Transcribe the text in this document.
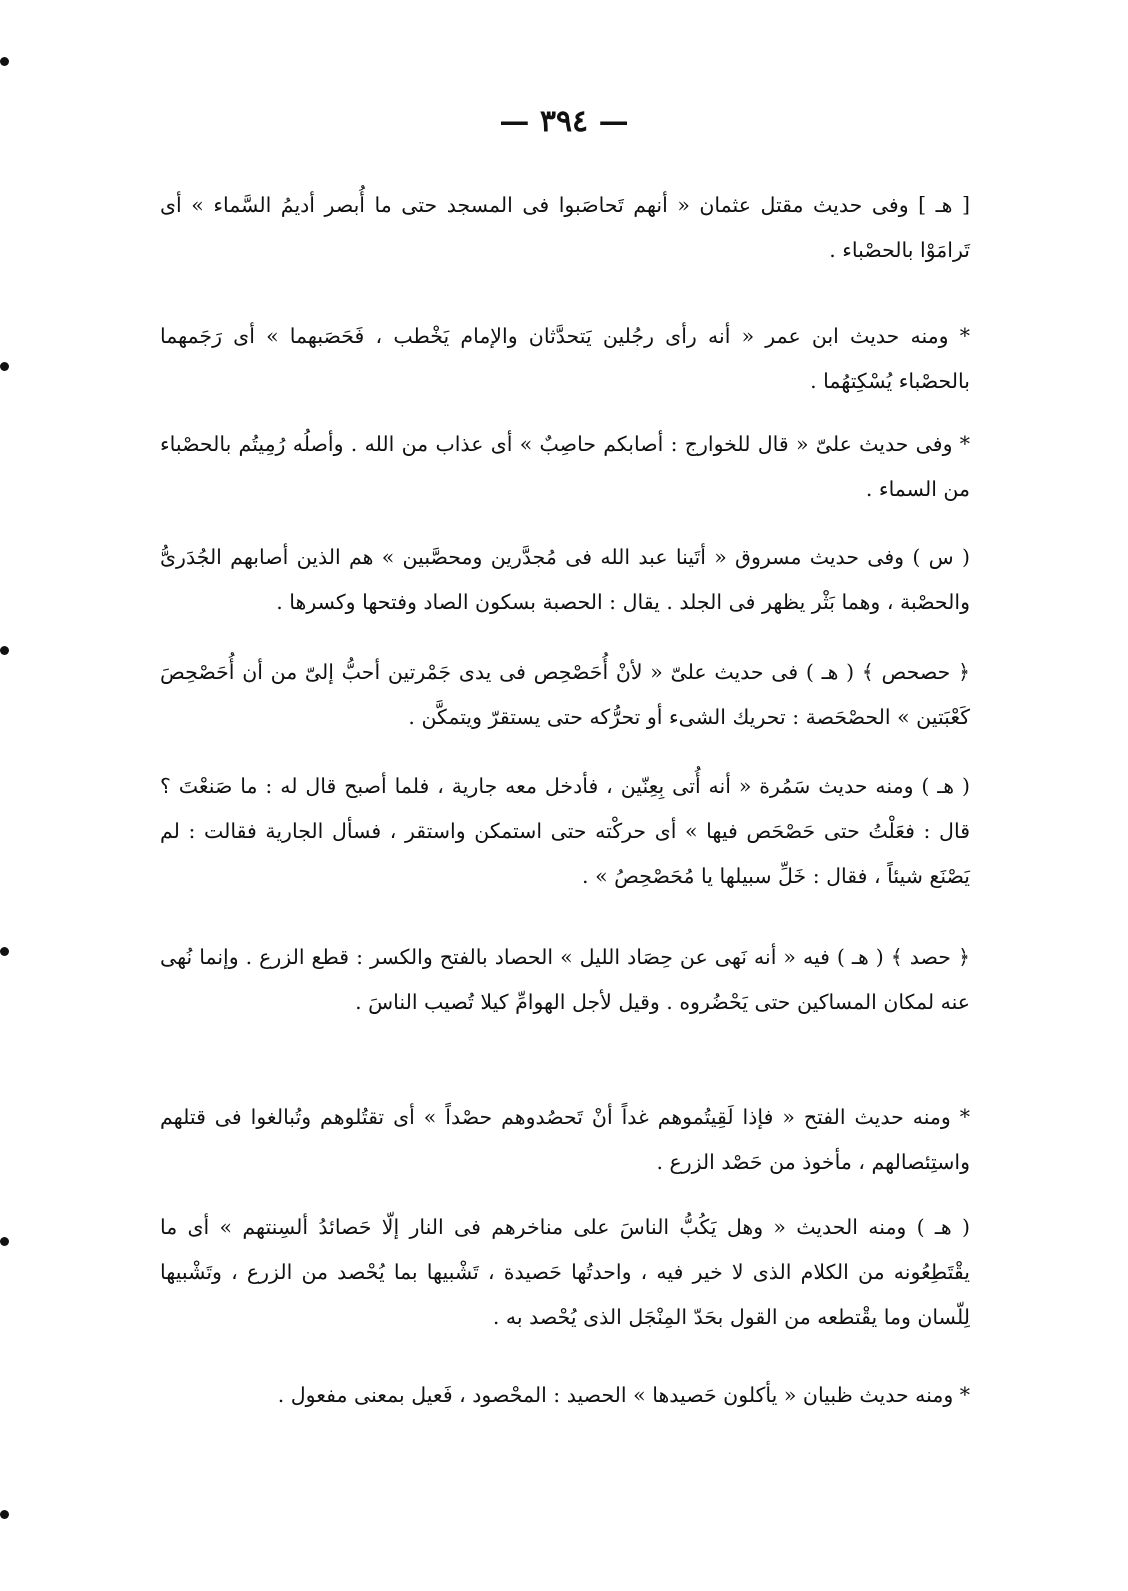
— ٣٩٤ —
[ هـ ] وفى حديث مقتل عثمان « أنهم تَحاصَبوا فى المسجد حتى ما أُبصر أديمُ السَّماء » أى تَرامَوْا بالحصْباء .
* ومنه حديث ابن عمر « أنه رأى رجُلين يَتحدَّثان والإمام يَخْطب ، فَحَصَبهما » أى رَجَمهما بالحصْباء يُسْكِتهُما .
* وفى حديث علىّ « قال للخوارج : أصابكم حاصِبٌ » أى عذاب من الله . وأصلُه رُمِيتُم بالحصْباء من السماء .
( س ) وفى حديث مسروق « أتَينا عبد الله فى مُجدَّرين ومحصَّبين » هم الذين أصابهم الجُدَرىُّ والحصْبة ، وهما بَثْر يظهر فى الجلد . يقال : الحصبة بسكون الصاد وفتحها وكسرها .
﴿ حصحص ﴾ ( هـ ) فى حديث علىّ « لأنْ أُحَصْحِص فى يدى جَمْرتين أحبُّ إلىّ من أن أُحَصْحِصَ كَعْبَتين » الحصْحَصة : تحريك الشىء أو تحرُّكه حتى يستقرّ ويتمكَّن .
( هـ ) ومنه حديث سَمُرة « أنه أُتى بِعِنّين ، فأدخل معه جارية ، فلما أصبح قال له : ما صَنعْتَ ؟ قال : فعَلْتُ حتى حَصْحَص فيها » أى حركْته حتى استمكن واستقر ، فسأل الجارية فقالت : لم يَصْنَع شيئاً ، فقال : خَلِّ سبيلها يا مُحَصْحِصُ » .
﴿ حصد ﴾ ( هـ ) فيه « أنه نَهى عن حِصَاد الليل » الحصاد بالفتح والكسر : قطع الزرع . وإنما نُهى عنه لمكان المساكين حتى يَحْضُروه . وقيل لأجل الهوامِّ كيلا تُصيب الناسَ .
* ومنه حديث الفتح « فإذا لَقِيتُموهم غداً أنْ تَحصُدوهم حصْداً » أى تقتُلوهم وتُبالغوا فى قتلهم واستِئصالهم ، مأخوذ من حَصْد الزرع .
( هـ ) ومنه الحديث « وهل يَكُبُّ الناسَ على مناخرهم فى النار إلّا حَصائدُ ألسِنتهم » أى ما يقْتَطِعُونه من الكلام الذى لا خير فيه ، واحدتُها حَصيدة ، تَشْبيها بما يُحْصد من الزرع ، وتَشْبيها لِلّسان وما يقْتطعه من القول بحَدّ المِنْجَل الذى يُحْصد به .
* ومنه حديث ظبيان « يأكلون حَصيدها » الحصيد : المحْصود ، فَعيل بمعنى مفعول .
